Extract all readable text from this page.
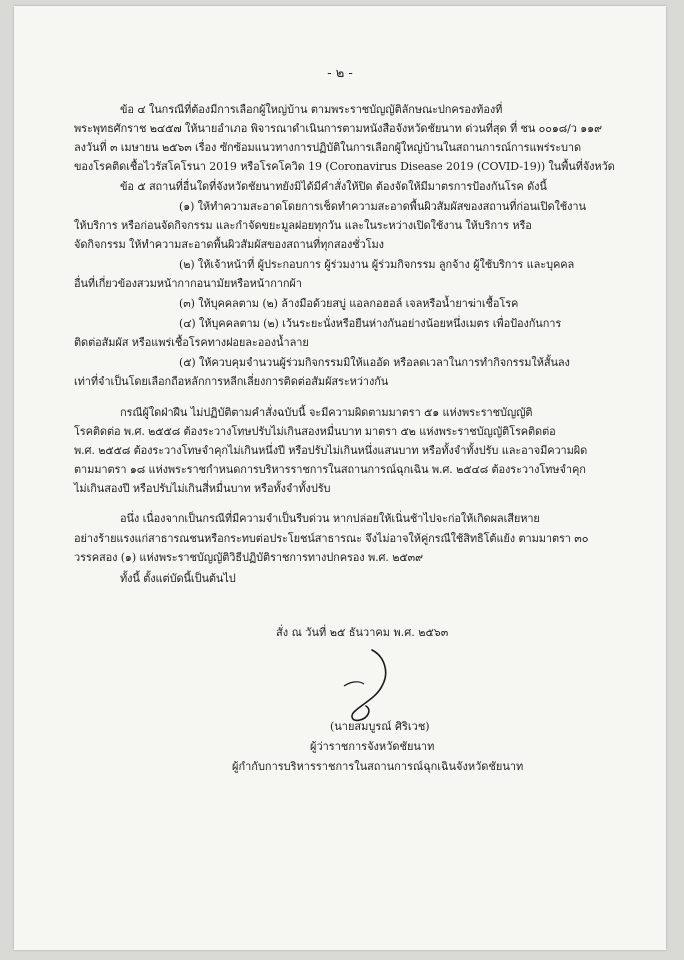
- ๒ -
ข้อ ๔ ในกรณีที่ต้องมีการเลือกผู้ใหญ่บ้าน ตามพระราชบัญญัติลักษณะปกครองท้องที่
พระพุทธศักราช ๒๔๕๗ ให้นายอำเภอ พิจารณาดำเนินการตามหนังสือจังหวัดชัยนาท ด่วนที่สุด ที่ ชน ๐๐๑๘/ว ๑๑๙
ลงวันที่ ๓ เมษายน ๒๕๖๓ เรื่อง ซักซ้อมแนวทางการปฏิบัติในการเลือกผู้ใหญ่บ้านในสถานการณ์การแพร่ระบาด
ของโรคติดเชื้อไวรัสโคโรนา 2019 หรือโรคโควิด 19 (Coronavirus Disease 2019 (COVID-19)) ในพื้นที่จังหวัด
ข้อ ๕ สถานที่อื่นใดที่จังหวัดชัยนาทยังมิได้มีคำสั่งให้ปิด ต้องจัดให้มีมาตรการป้องกันโรค ดังนี้
(๑) ให้ทำความสะอาดโดยการเช็ดทำความสะอาดพื้นผิวสัมผัสของสถานที่ก่อนเปิดใช้งาน
ให้บริการ หรือก่อนจัดกิจกรรม และกำจัดขยะมูลฝอยทุกวัน และในระหว่างเปิดใช้งาน ให้บริการ หรือ
จัดกิจกรรม ให้ทำความสะอาดพื้นผิวสัมผัสของสถานที่ทุกสองชั่วโมง
(๒) ให้เจ้าหน้าที่ ผู้ประกอบการ ผู้ร่วมงาน ผู้ร่วมกิจกรรม ลูกจ้าง ผู้ใช้บริการ และบุคคล
อื่นที่เกี่ยวข้องสวมหน้ากากอนามัยหรือหน้ากากผ้า
(๓) ให้บุคคลตาม (๒) ล้างมือด้วยสบู่ แอลกอฮอล์ เจลหรือน้ำยาฆ่าเชื้อโรค
(๔) ให้บุคคลตาม (๒) เว้นระยะนั่งหรือยืนห่างกันอย่างน้อยหนึ่งเมตร เพื่อป้องกันการ
ติดต่อสัมผัส หรือแพร่เชื้อโรคทางฝอยละอองน้ำลาย
(๕) ให้ควบคุมจำนวนผู้ร่วมกิจกรรมมิให้แออัด หรือลดเวลาในการทำกิจกรรมให้สั้นลง
เท่าที่จำเป็นโดยเลือกถือหลักการหลีกเลี่ยงการติดต่อสัมผัสระหว่างกัน
กรณีผู้ใดฝ่าฝืน ไม่ปฏิบัติตามคำสั่งฉบับนี้ จะมีความผิดตามมาตรา ๕๑ แห่งพระราชบัญญัติ
โรคติดต่อ พ.ศ. ๒๕๕๘ ต้องระวางโทษปรับไม่เกินสองหมื่นบาท มาตรา ๕๒ แห่งพระราชบัญญัติโรคติดต่อ
พ.ศ. ๒๕๕๘ ต้องระวางโทษจำคุกไม่เกินหนึ่งปี หรือปรับไม่เกินหนึ่งแสนบาท หรือทั้งจำทั้งปรับ และอาจมีความผิด
ตามมาตรา ๑๘ แห่งพระราชกำหนดการบริหารราชการในสถานการณ์ฉุกเฉิน พ.ศ. ๒๕๔๘ ต้องระวางโทษจำคุก
ไม่เกินสองปี หรือปรับไม่เกินสี่หมื่นบาท หรือทั้งจำทั้งปรับ
อนึ่ง เนื่องจากเป็นกรณีที่มีความจำเป็นรีบด่วน หากปล่อยให้เนิ่นช้าไปจะก่อให้เกิดผลเสียหาย
อย่างร้ายแรงแก่สาธารณชนหรือกระทบต่อประโยชน์สาธารณะ จึงไม่อาจให้คู่กรณีใช้สิทธิโต้แย้ง ตามมาตรา ๓๐
วรรคสอง (๑) แห่งพระราชบัญญัติวิธีปฏิบัติราชการทางปกครอง พ.ศ. ๒๕๓๙
ทั้งนี้ ตั้งแต่บัดนี้เป็นต้นไป
สั่ง ณ วันที่ ๒๕ ธันวาคม พ.ศ. ๒๕๖๓
(นายสมบูรณ์ ศิริเวช)
ผู้ว่าราชการจังหวัดชัยนาท
ผู้กำกับการบริหารราชการในสถานการณ์ฉุกเฉินจังหวัดชัยนาท
